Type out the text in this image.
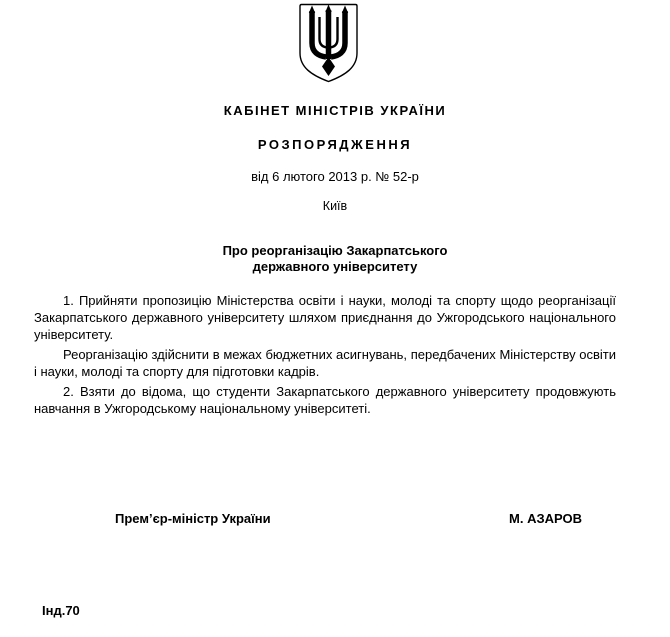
КАБІНЕТ МІНІСТРІВ УКРАЇНИ
РОЗПОРЯДЖЕННЯ
від 6 лютого 2013 р. № 52-р
Київ
Про реорганізацію Закарпатського
державного університету

1. Прийняти пропозицію Міністерства освіти і науки, молоді та спорту щодо реорганізації Закарпатського державного університету шляхом приєднання до Ужгородського національного університету.

Реорганізацію здійснити в межах бюджетних асигнувань, передбачених Міністерству освіти і науки, молоді та спорту для підготовки кадрів.

2. Взяти до відома, що студенти Закарпатського державного університету продовжують навчання в Ужгородському національному університеті.

Прем’єр-міністр України	М. АЗАРОВ
Інд.70
